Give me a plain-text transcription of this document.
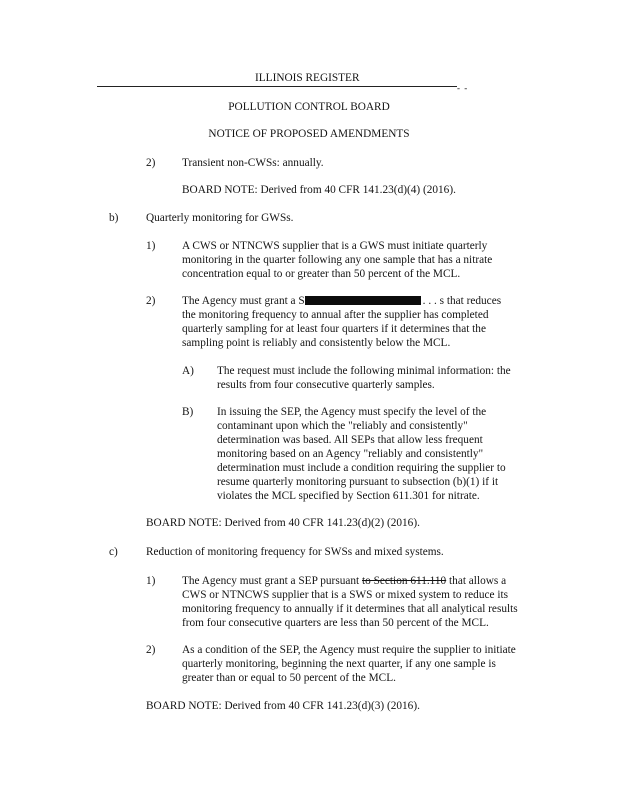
ILLINOIS REGISTER
- -
POLLUTION CONTROL BOARD
NOTICE OF PROPOSED AMENDMENTS
2) Transient non-CWSs: annually.
BOARD NOTE: Derived from 40 CFR 141.23(d)(4) (2016).
b) Quarterly monitoring for GWSs.
1) A CWS or NTNCWS supplier that is a GWS must initiate quarterly
monitoring in the quarter following any one sample that has a nitrate
concentration equal to or greater than 50 percent of the MCL.
2) The Agency must grant a S	. . . s that reduces
the monitoring frequency to annual after the supplier has completed
quarterly sampling for at least four quarters if it determines that the
sampling point is reliably and consistently below the MCL.
A) The request must include the following minimal information: the
results from four consecutive quarterly samples.
B) In issuing the SEP, the Agency must specify the level of the
contaminant upon which the "reliably and consistently"
determination was based. All SEPs that allow less frequent
monitoring based on an Agency "reliably and consistently"
determination must include a condition requiring the supplier to
resume quarterly monitoring pursuant to subsection (b)(1) if it
violates the MCL specified by Section 611.301 for nitrate.
BOARD NOTE: Derived from 40 CFR 141.23(d)(2) (2016).
c) Reduction of monitoring frequency for SWSs and mixed systems.
1) The Agency must grant a SEP pursuant to Section 611.110 that allows a
CWS or NTNCWS supplier that is a SWS or mixed system to reduce its
monitoring frequency to annually if it determines that all analytical results
from four consecutive quarters are less than 50 percent of the MCL.
2) As a condition of the SEP, the Agency must require the supplier to initiate
quarterly monitoring, beginning the next quarter, if any one sample is
greater than or equal to 50 percent of the MCL.
BOARD NOTE: Derived from 40 CFR 141.23(d)(3) (2016).
